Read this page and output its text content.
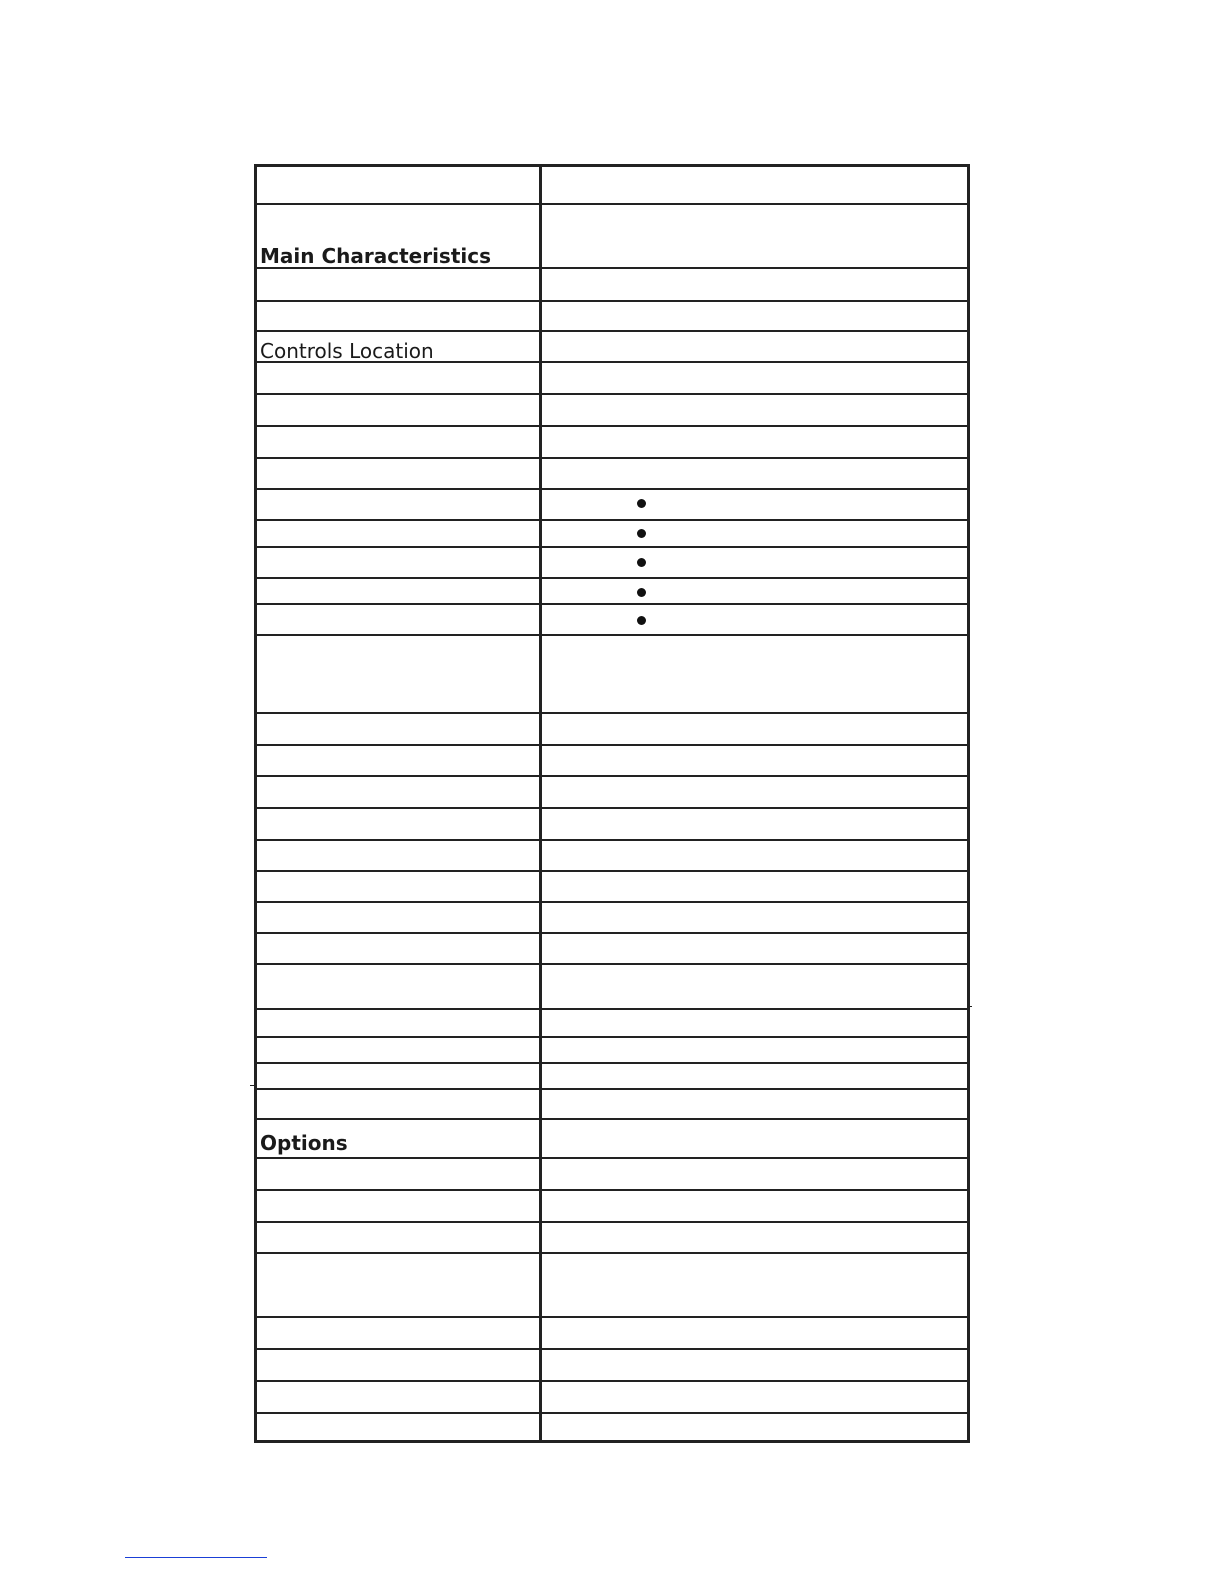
Main Characteristics
Controls Location
Options
